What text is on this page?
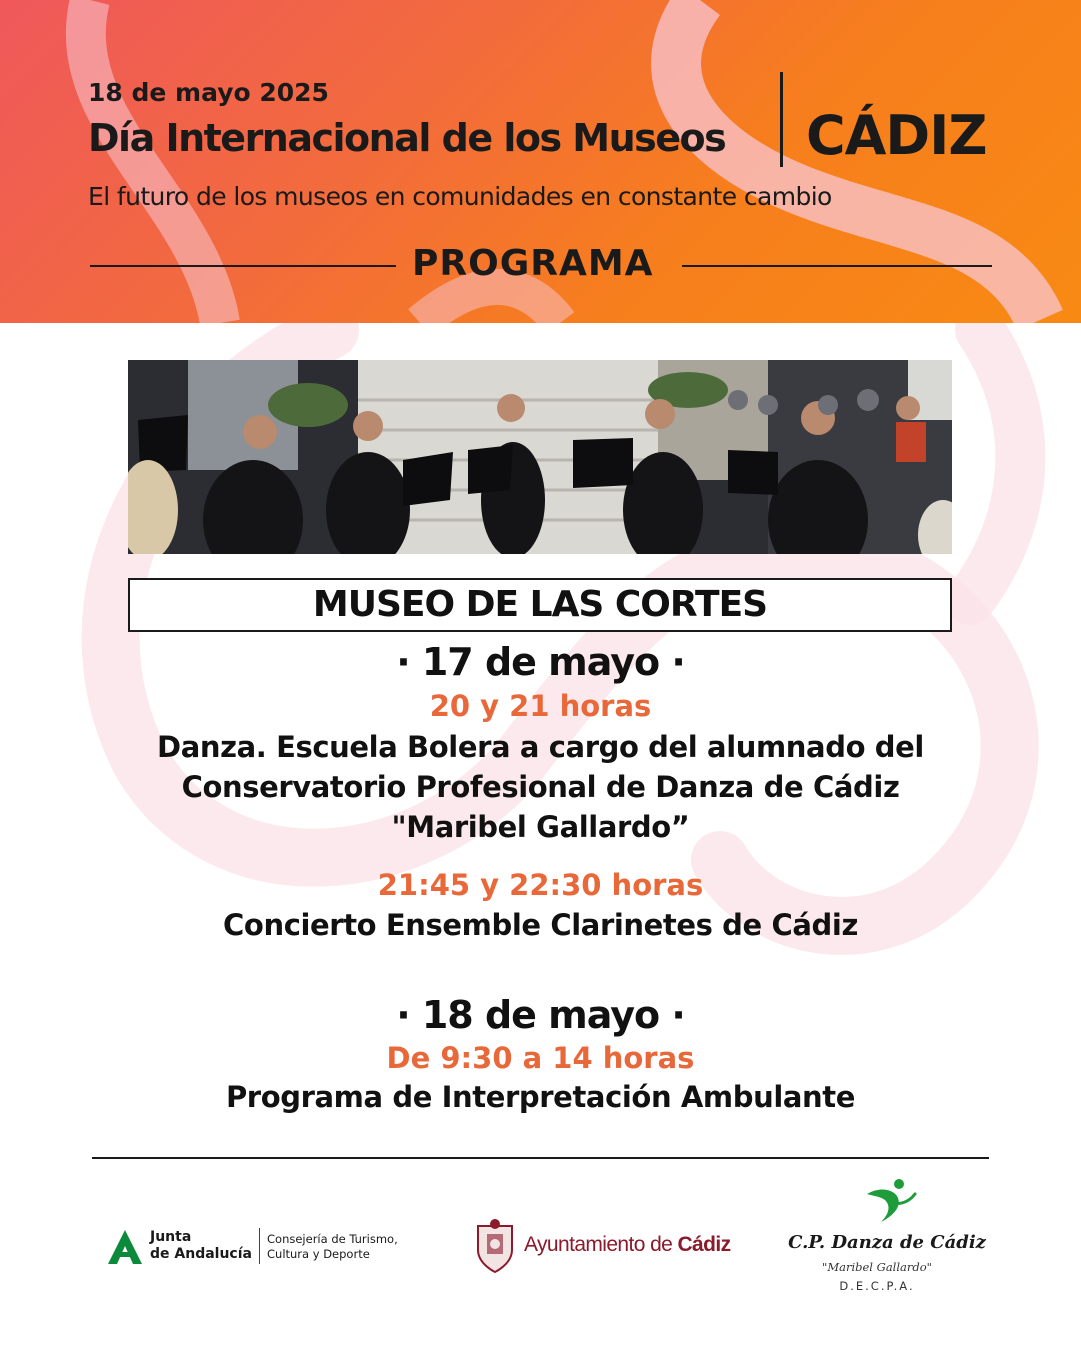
18 de mayo 2025
Día Internacional de los Museos CÁDIZ
El futuro de los museos en comunidades en constante cambio
PROGRAMA
MUSEO DE LAS CORTES
· 17 de mayo ·
20 y 21 horas
Danza. Escuela Bolera a cargo del alumnado del
Conservatorio Profesional de Danza de Cádiz
"Maribel Gallardo”
21:45 y 22:30 horas
Concierto Ensemble Clarinetes de Cádiz
· 18 de mayo ·
De 9:30 a 14 horas
Programa de Interpretación Ambulante
Junta
de Andalucía
Consejería de Turismo,
Cultura y Deporte	Ayuntamiento de Cádiz	C.P. Danza de Cádiz
"Maribel Gallardo"
D.E.C.P.A.
